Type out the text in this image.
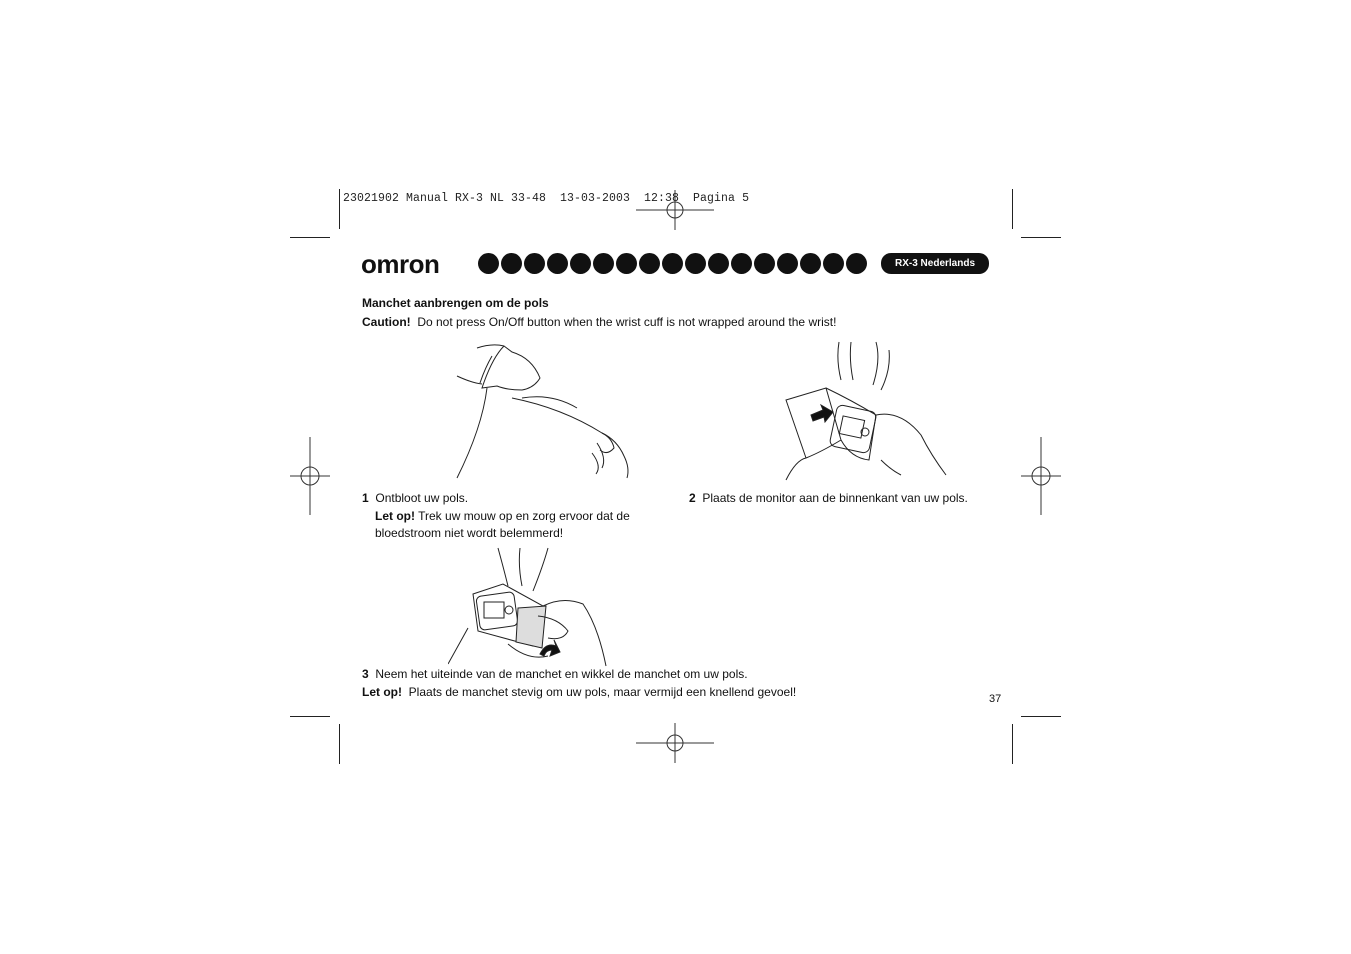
23021902 Manual RX-3 NL 33-48  13-03-2003  12:38  Pagina 5
omron	RX-3 Nederlands
Manchet aanbrengen om de pols
Caution! Do not press On/Off button when the wrist cuff is not wrapped around the wrist!
1 Ontbloot uw pols.
Let op! Trek uw mouw op en zorg ervoor dat de
bloedstroom niet wordt belemmerd!
2 Plaats de monitor aan de binnenkant van uw pols.
3 Neem het uiteinde van de manchet en wikkel de manchet om uw pols.
Let op! Plaats de manchet stevig om uw pols, maar vermijd een knellend gevoel!	37
